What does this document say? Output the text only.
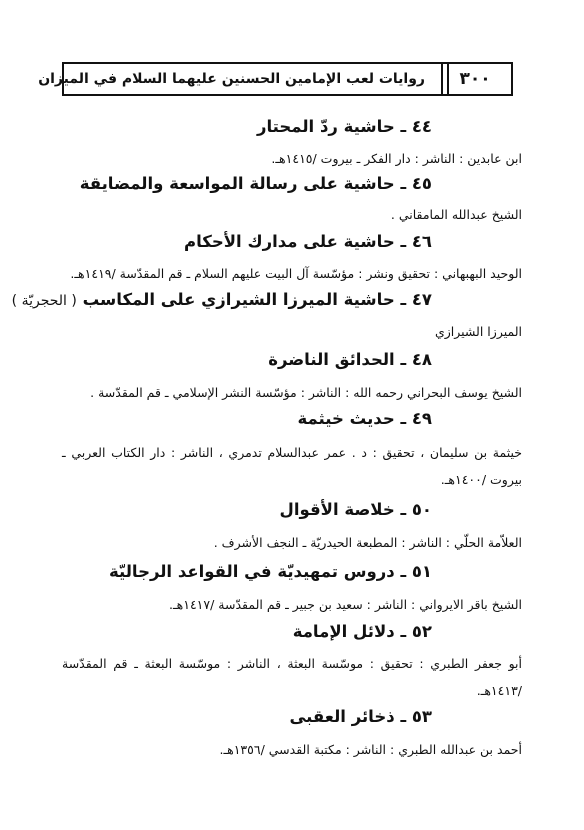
٣٠٠
روايات لعب الإمامين الحسنين عليهما السلام في الميزان
٤٤ ـ حاشية ردّ المحتار
ابن عابدين : الناشر : دار الفكر ـ بيروت /١٤١٥هـ.
٤٥ ـ حاشية على رسالة المواسعة والمضايقة
الشيخ عبدالله المامقاني .
٤٦ ـ حاشية على مدارك الأحكام
الوحيد البهبهاني : تحقيق ونشر : مؤسّسة آل البيت عليهم السلام ـ قم المقدّسة /١٤١٩هـ.
٤٧ ـ حاشية الميرزا الشيرازي على المكاسب ( الحجريّة )
الميرزا الشيرازي
٤٨ ـ الحدائق الناضرة
الشيخ يوسف البحراني رحمه الله : الناشر : مؤسّسة النشر الإسلامي ـ قم المقدّسة .
٤٩ ـ حديث خيثمة
خيثمة بن سليمان ، تحقيق : د . عمر عبدالسلام تدمري ، الناشر : دار الكتاب العربي ـ
بيروت /١٤٠٠هـ.
٥٠ ـ خلاصة الأقوال
العلاّمة الحلّي : الناشر : المطبعة الحيدريّة ـ النجف الأشرف .
٥١ ـ دروس تمهيديّة في القواعد الرجاليّة
الشيخ باقر الايرواني : الناشر : سعيد بن جبير ـ قم المقدّسة /١٤١٧هـ.
٥٢ ـ دلائل الإمامة
أبو جعفر الطبري : تحقيق : موسّسة البعثة ، الناشر : موسّسة البعثة ـ قم المقدّسة
/١٤١٣هـ.
٥٣ ـ ذخائر العقبى
أحمد بن عبدالله الطبري : الناشر : مكتبة القدسي /١٣٥٦هـ.
